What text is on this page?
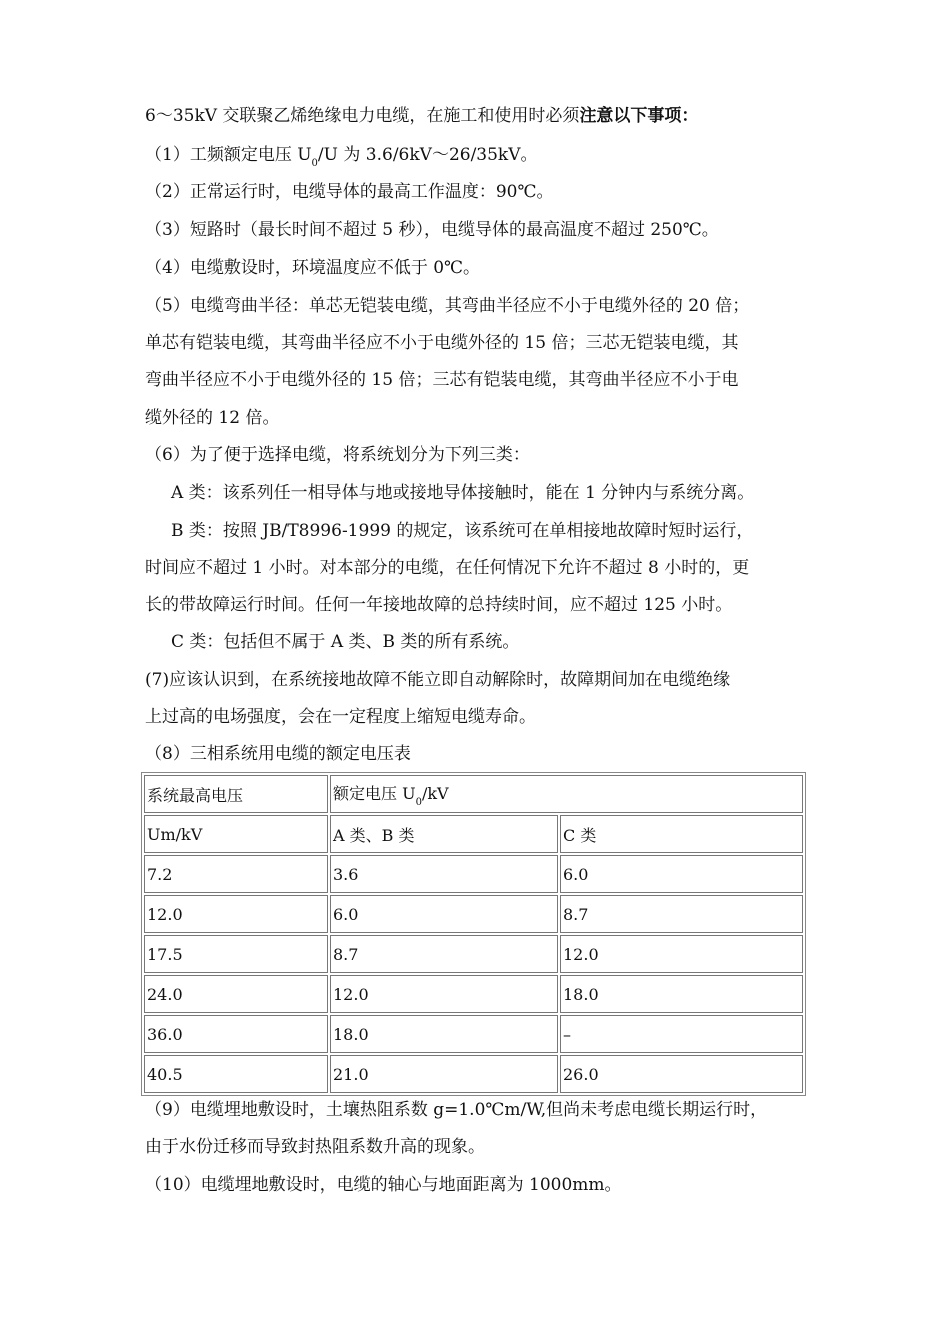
6～35kV 交联聚乙烯绝缘电力电缆，在施工和使用时必须注意以下事项：
（1）工频额定电压 $U_0/U$ 为 3.6/6kV～26/35kV。
（2）正常运行时，电缆导体的最高工作温度：90℃。
（3）短路时（最长时间不超过 5 秒），电缆导体的最高温度不超过 250℃。
（4）电缆敷设时，环境温度应不低于 0℃。
（5）电缆弯曲半径：单芯无铠装电缆，其弯曲半径应不小于电缆外径的 20 倍；
单芯有铠装电缆，其弯曲半径应不小于电缆外径的 15 倍；三芯无铠装电缆，其
弯曲半径应不小于电缆外径的 15 倍；三芯有铠装电缆，其弯曲半径应不小于电
缆外径的 12 倍。
（6）为了便于选择电缆，将系统划分为下列三类：
A 类：该系列任一相导体与地或接地导体接触时，能在 1 分钟内与系统分离。
B 类：按照 JB/T8996-1999 的规定，该系统可在单相接地故障时短时运行，
时间应不超过 1 小时。对本部分的电缆，在任何情况下允许不超过 8 小时的，更
长的带故障运行时间。任何一年接地故障的总持续时间，应不超过 125 小时。
C 类：包括但不属于 A 类、B 类的所有系统。
(7)应该认识到，在系统接地故障不能立即自动解除时，故障期间加在电缆绝缘
上过高的电场强度，会在一定程度上缩短电缆寿命。
（8）三相系统用电缆的额定电压表
系统最高电压	额定电压 $U_0/kV$	
Um/kV	A 类、B 类	C 类
7.2	3.6	6.0
12.0	6.0	8.7
17.5	8.7	12.0
24.0	12.0	18.0
36.0	18.0	–
40.5	21.0	26.0
（9）电缆埋地敷设时，土壤热阻系数 g=1.0℃m/W,但尚未考虑电缆长期运行时，
由于水份迁移而导致封热阻系数升高的现象。
（10）电缆埋地敷设时，电缆的轴心与地面距离为 1000mm。
